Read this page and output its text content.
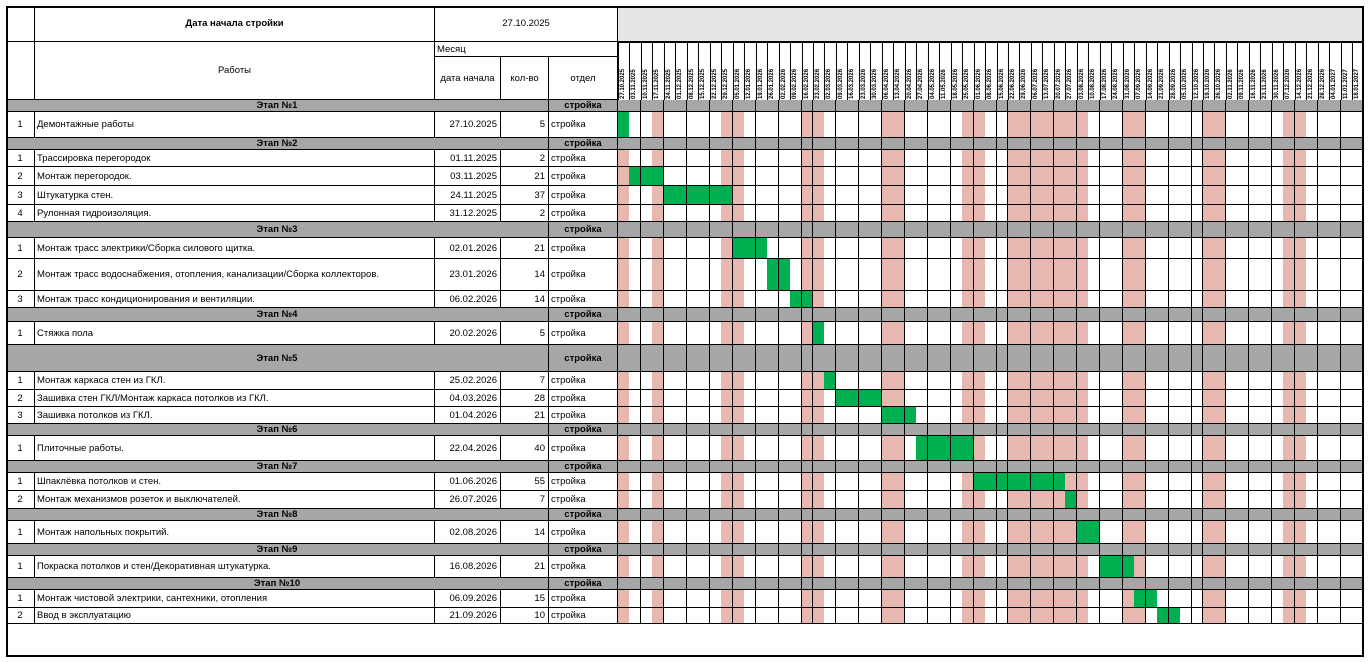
Дата начала стройки	27.10.2025
Работы
Месяц
дата начала	кол-во	отдел	27.10.2025 03.11.2025 10.11.2025 17.11.2025 24.11.2025 01.12.2025 08.12.2025 15.12.2025 22.12.2025 29.12.2025 05.01.2026 12.01.2026 19.01.2026 26.01.2026 02.02.2026 09.02.2026 16.02.2026 23.02.2026 02.03.2026 09.03.2026 16.03.2026 23.03.2026 30.03.2026 06.04.2026 13.04.2026 20.04.2026 27.04.2026 04.05.2026 11.05.2026 18.05.2026 25.05.2026 01.06.2026 08.06.2026 15.06.2026 22.06.2026 29.06.2026 06.07.2026 13.07.2026 20.07.2026 27.07.2026 03.08.2026 10.08.2026 17.08.2026 24.08.2026 31.08.2026 07.09.2026 14.09.2026 21.09.2026 28.09.2026 05.10.2026 12.10.2026 19.10.2026 26.10.2026 02.11.2026 09.11.2026 16.11.2026 23.11.2026 30.11.2026 07.12.2026 14.12.2026 21.12.2026 28.12.2026 04.01.2027 11.01.2027 18.01.2027
Этап №1	стройка
1	Демонтажные работы	27.10.2025	5 стройка
Этап №2	стройка
1	Трассировка перегородок	01.11.2025	2 стройка
2	Монтаж перегородок.	03.11.2025	21 стройка
3	Штукатурка стен.	24.11.2025	37 стройка
4	Рулонная гидроизоляция.	31.12.2025	2 стройка
Этап №3	стройка
1	Монтаж трасс электрики/Сборка силового щитка.	02.01.2026	21 стройка
2	Монтаж трасс водоснабжения, отопления, канализации/Сборка коллекторов.	23.01.2026	14 стройка
3	Монтаж трасс кондиционирования и вентиляции.	06.02.2026	14 стройка
Этап №4	стройка
1	Стяжка пола	20.02.2026	5 стройка
Этап №5	стройка
1	Монтаж каркаса стен из ГКЛ.	25.02.2026	7 стройка
2	Зашивка стен ГКЛ/Монтаж каркаса потолков из ГКЛ.	04.03.2026	28 стройка
3	Зашивка потолков из ГКЛ.	01.04.2026	21 стройка
Этап №6	стройка
1	Плиточные работы.	22.04.2026	40 стройка
Этап №7	стройка
1	Шпаклёвка потолков и стен.	01.06.2026	55 стройка
2	Монтаж механизмов розеток и выключателей.	26.07.2026	7 стройка
Этап №8	стройка
1	Монтаж напольных покрытий.	02.08.2026	14 стройка
Этап №9	стройка
1	Покраска потолков и стен/Декоративная штукатурка.	16.08.2026	21 стройка
Этап №10	стройка
1	Монтаж чистовой электрики, сантехники, отопления	06.09.2026	15 стройка
2	Ввод в эксплуатацию	21.09.2026	10 стройка
